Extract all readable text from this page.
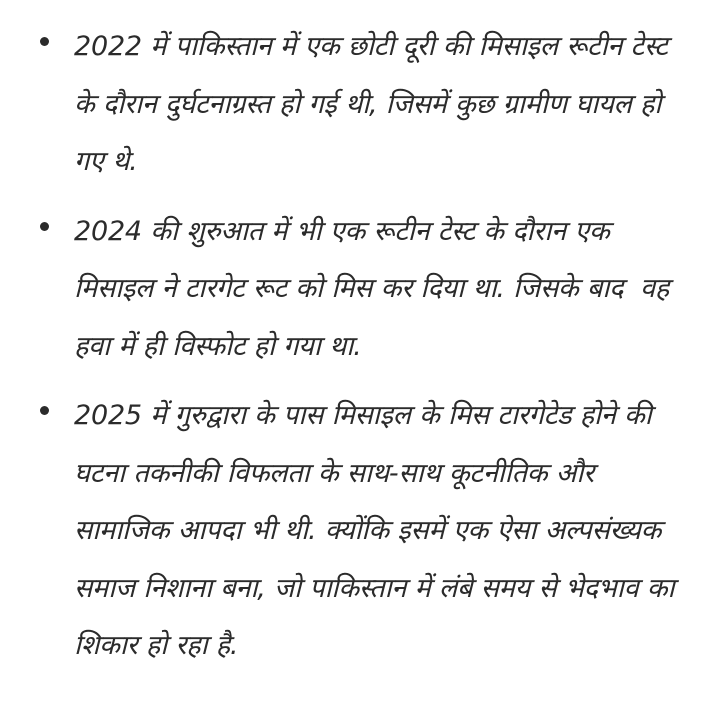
2022 में पाकिस्तान में एक छोटी दूरी की मिसाइल रूटीन टेस्ट के दौरान दुर्घटनाग्रस्त हो गई थी, जिसमें कुछ ग्रामीण घायल हो गए थे.
2024 की शुरुआत में भी एक रूटीन टेस्ट के दौरान एक मिसाइल ने टारगेट रूट को मिस कर दिया था. जिसके बाद  वह हवा में ही विस्फोट हो गया था.
2025 में गुरुद्वारा के पास मिसाइल के मिस टारगेटेड होने की घटना तकनीकी विफलता के साथ-साथ कूटनीतिक और सामाजिक आपदा भी थी. क्योंकि इसमें एक ऐसा अल्पसंख्यक समाज निशाना बना, जो पाकिस्तान में लंबे समय से भेदभाव का शिकार हो रहा है.
